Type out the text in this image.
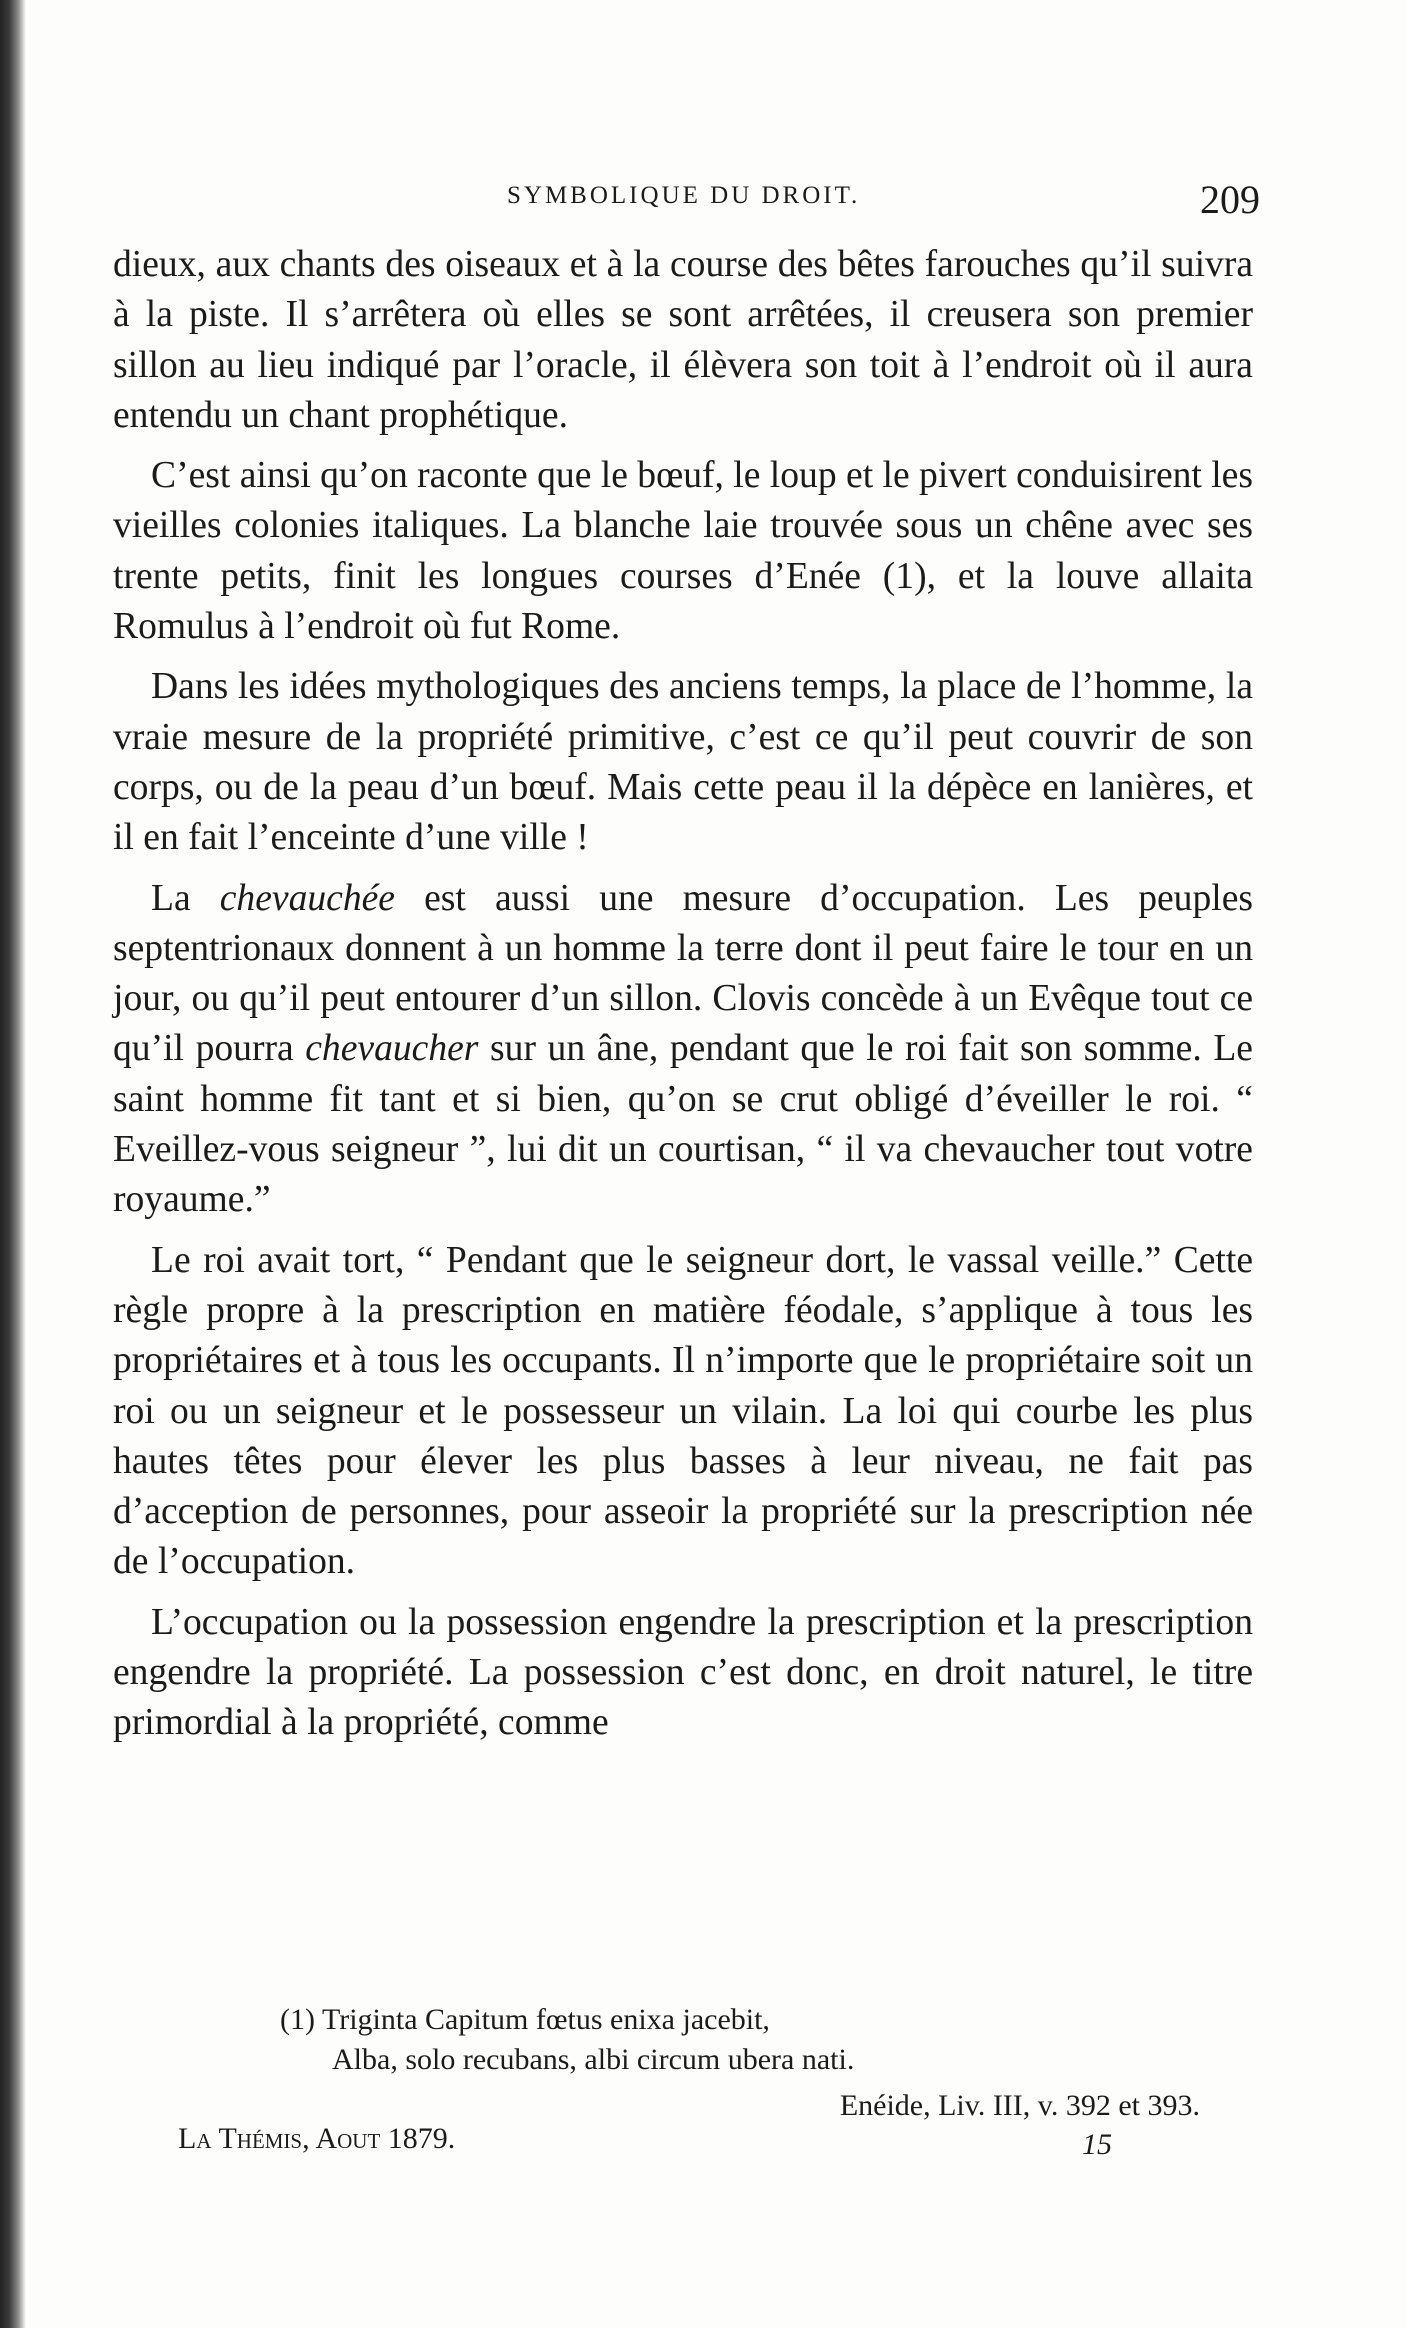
SYMBOLIQUE DU DROIT.	209

dieux, aux chants des oiseaux et à la course des bêtes farouches qu’il suivra à la piste. Il s’arrêtera où elles se sont arrêtées, il creusera son premier sillon au lieu indiqué par l’oracle, il élèvera son toit à l’endroit où il aura entendu un chant prophétique.

C’est ainsi qu’on raconte que le bœuf, le loup et le pivert conduisirent les vieilles colonies italiques. La blanche laie trouvée sous un chêne avec ses trente petits, finit les longues courses d’Enée (1), et la louve allaita Romulus à l’endroit où fut Rome.

Dans les idées mythologiques des anciens temps, la place de l’homme, la vraie mesure de la propriété primitive, c’est ce qu’il peut couvrir de son corps, ou de la peau d’un bœuf. Mais cette peau il la dépèce en lanières, et il en fait l’enceinte d’une ville !

La chevauchée est aussi une mesure d’occupation. Les peuples septentrionaux donnent à un homme la terre dont il peut faire le tour en un jour, ou qu’il peut entourer d’un sillon. Clovis concède à un Evêque tout ce qu’il pourra chevaucher sur un âne, pendant que le roi fait son somme. Le saint homme fit tant et si bien, qu’on se crut obligé d’éveiller le roi. “ Eveillez-vous seigneur ”, lui dit un courtisan, “ il va chevaucher tout votre royaume.”

Le roi avait tort, “ Pendant que le seigneur dort, le vassal veille.” Cette règle propre à la prescription en matière féodale, s’applique à tous les propriétaires et à tous les occupants. Il n’importe que le propriétaire soit un roi ou un seigneur et le possesseur un vilain. La loi qui courbe les plus hautes têtes pour élever les plus basses à leur niveau, ne fait pas d’acception de personnes, pour asseoir la propriété sur la prescription née de l’occupation.

L’occupation ou la possession engendre la prescription et la prescription engendre la propriété. La possession c’est donc, en droit naturel, le titre primordial à la propriété, comme

(1) Triginta Capitum fœtus enixa jacebit,

Alba, solo recubans, albi circum ubera nati.

Enéide, Liv. III, v. 392 et 393.

La Thémis, Aout 1879.	15
